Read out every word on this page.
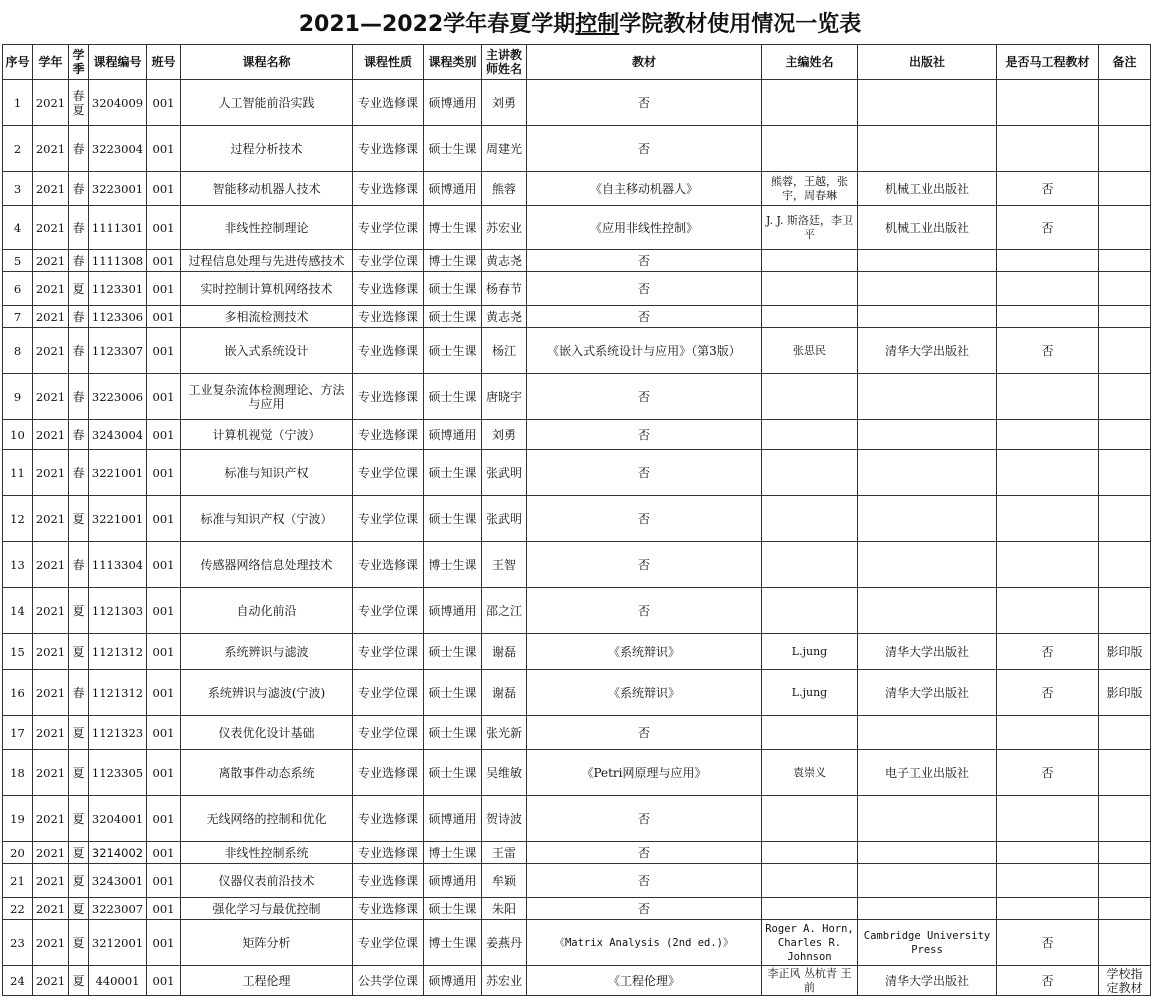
2021—2022学年春夏学期控制学院教材使用情况一览表
序号	学年	学季	课程编号	班号	课程名称	课程性质	课程类别	主讲教师姓名	教材	主编姓名	出版社	是否马工程教材	备注
1	2021	春夏	3204009	001	人工智能前沿实践	专业选修课	硕博通用	刘勇	否				
2	2021	春	3223004	001	过程分析技术	专业选修课	硕士生课	周建光	否				
3	2021	春	3223001	001	智能移动机器人技术	专业选修课	硕博通用	熊蓉	《自主移动机器人》	熊蓉，王越，张宇，周春琳	机械工业出版社	否	
4	2021	春	1111301	001	非线性控制理论	专业学位课	博士生课	苏宏业	《应用非线性控制》	J. J. 斯洛廷，李卫平	机械工业出版社	否	
5	2021	春	1111308	001	过程信息处理与先进传感技术	专业学位课	博士生课	黄志尧	否				
6	2021	夏	1123301	001	实时控制计算机网络技术	专业选修课	硕士生课	杨春节	否				
7	2021	春	1123306	001	多相流检测技术	专业选修课	硕士生课	黄志尧	否				
8	2021	春	1123307	001	嵌入式系统设计	专业选修课	硕士生课	杨江	《嵌入式系统设计与应用》（第3版）	张思民	清华大学出版社	否	
9	2021	春	3223006	001	工业复杂流体检测理论、方法与应用	专业选修课	硕士生课	唐晓宇	否				
10	2021	春	3243004	001	计算机视觉（宁波）	专业选修课	硕博通用	刘勇	否				
11	2021	春	3221001	001	标准与知识产权	专业学位课	硕士生课	张武明	否				
12	2021	夏	3221001	001	标准与知识产权（宁波）	专业学位课	硕士生课	张武明	否				
13	2021	春	1113304	001	传感器网络信息处理技术	专业选修课	博士生课	王智	否				
14	2021	夏	1121303	001	自动化前沿	专业学位课	硕博通用	邵之江	否				
15	2021	夏	1121312	001	系统辨识与滤波	专业学位课	硕士生课	谢磊	《系统辩识》	L.jung	清华大学出版社	否	影印版
16	2021	春	1121312	001	系统辨识与滤波(宁波)	专业学位课	硕士生课	谢磊	《系统辩识》	L.jung	清华大学出版社	否	影印版
17	2021	夏	1121323	001	仪表优化设计基础	专业学位课	硕士生课	张光新	否				
18	2021	夏	1123305	001	离散事件动态系统	专业选修课	硕士生课	吴维敏	《Petri网原理与应用》	袁崇义	电子工业出版社	否	
19	2021	夏	3204001	001	无线网络的控制和优化	专业选修课	硕博通用	贺诗波	否				
20	2021	夏	3214002	001	非线性控制系统	专业选修课	博士生课	王雷	否				
21	2021	夏	3243001	001	仪器仪表前沿技术	专业选修课	硕博通用	牟颖	否				
22	2021	夏	3223007	001	强化学习与最优控制	专业选修课	硕士生课	朱阳	否				
23	2021	夏	3212001	001	矩阵分析	专业学位课	博士生课	姜燕丹	《Matrix Analysis (2nd ed.)》	Roger A. Horn, Charles R. Johnson	Cambridge University Press	否	
24	2021	夏	440001	001	工程伦理	公共学位课	硕博通用	苏宏业	《工程伦理》	李正风 丛杭青 王前	清华大学出版社	否	学校指定教材
